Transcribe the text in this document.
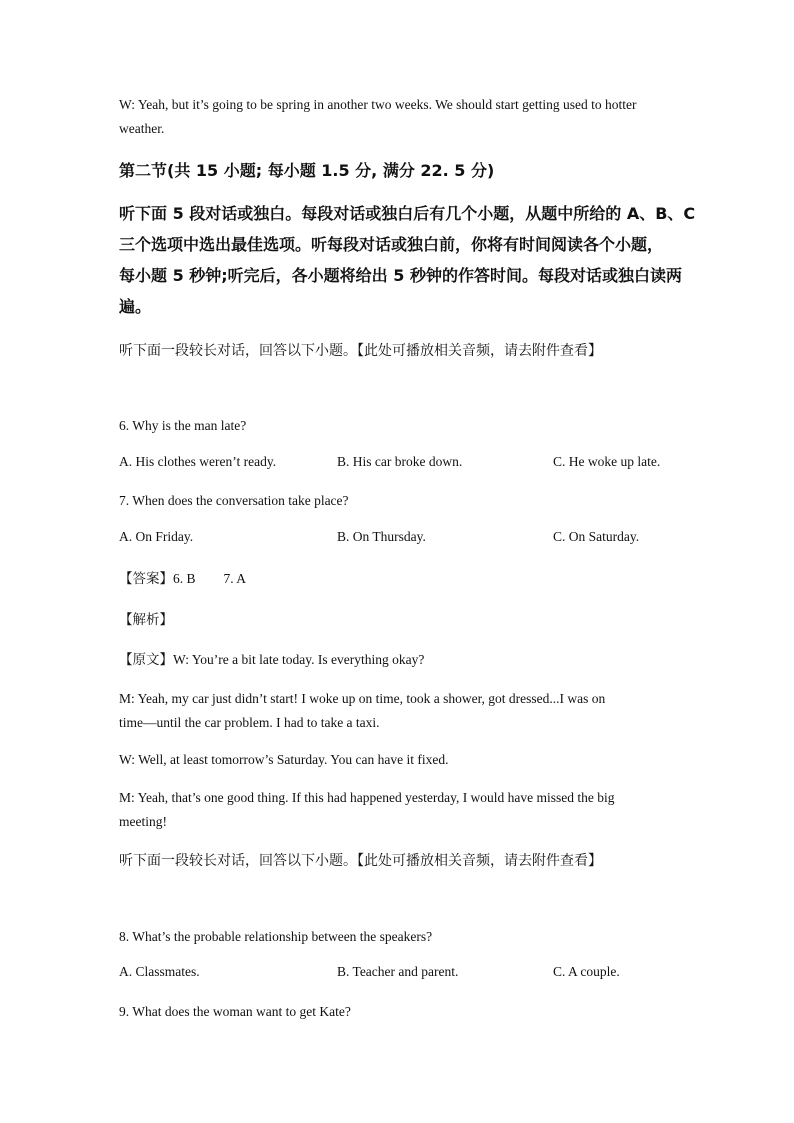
W: Yeah, but it’s going to be spring in another two weeks. We should start getting used to hotter
weather.
第二节(共 15 小题; 每小题 1.5 分, 满分 22. 5 分)
听下面 5 段对话或独白。每段对话或独白后有几个小题，从题中所给的 A、B、C
三个选项中选出最佳选项。听每段对话或独白前，你将有时间阅读各个小题，
每小题 5 秒钟;听完后，各小题将给出 5 秒钟的作答时间。每段对话或独白读两
遍。
听下面一段较长对话，回答以下小题。【此处可播放相关音频，请去附件查看】
6. Why is the man late?
A. His clothes weren’t ready.	B. His car broke down.	C. He woke up late.
7. When does the conversation take place?
A. On Friday.	B. On Thursday.	C. On Saturday.
【答案】6. B 7. A
【解析】
【原文】W: You’re a bit late today. Is everything okay?
M: Yeah, my car just didn’t start! I woke up on time, took a shower, got dressed...I was on
time—until the car problem. I had to take a taxi.
W: Well, at least tomorrow’s Saturday. You can have it fixed.
M: Yeah, that’s one good thing. If this had happened yesterday, I would have missed the big
meeting!
听下面一段较长对话，回答以下小题。【此处可播放相关音频，请去附件查看】
8. What’s the probable relationship between the speakers?
A. Classmates.	B. Teacher and parent.	C. A couple.
9. What does the woman want to get Kate?
